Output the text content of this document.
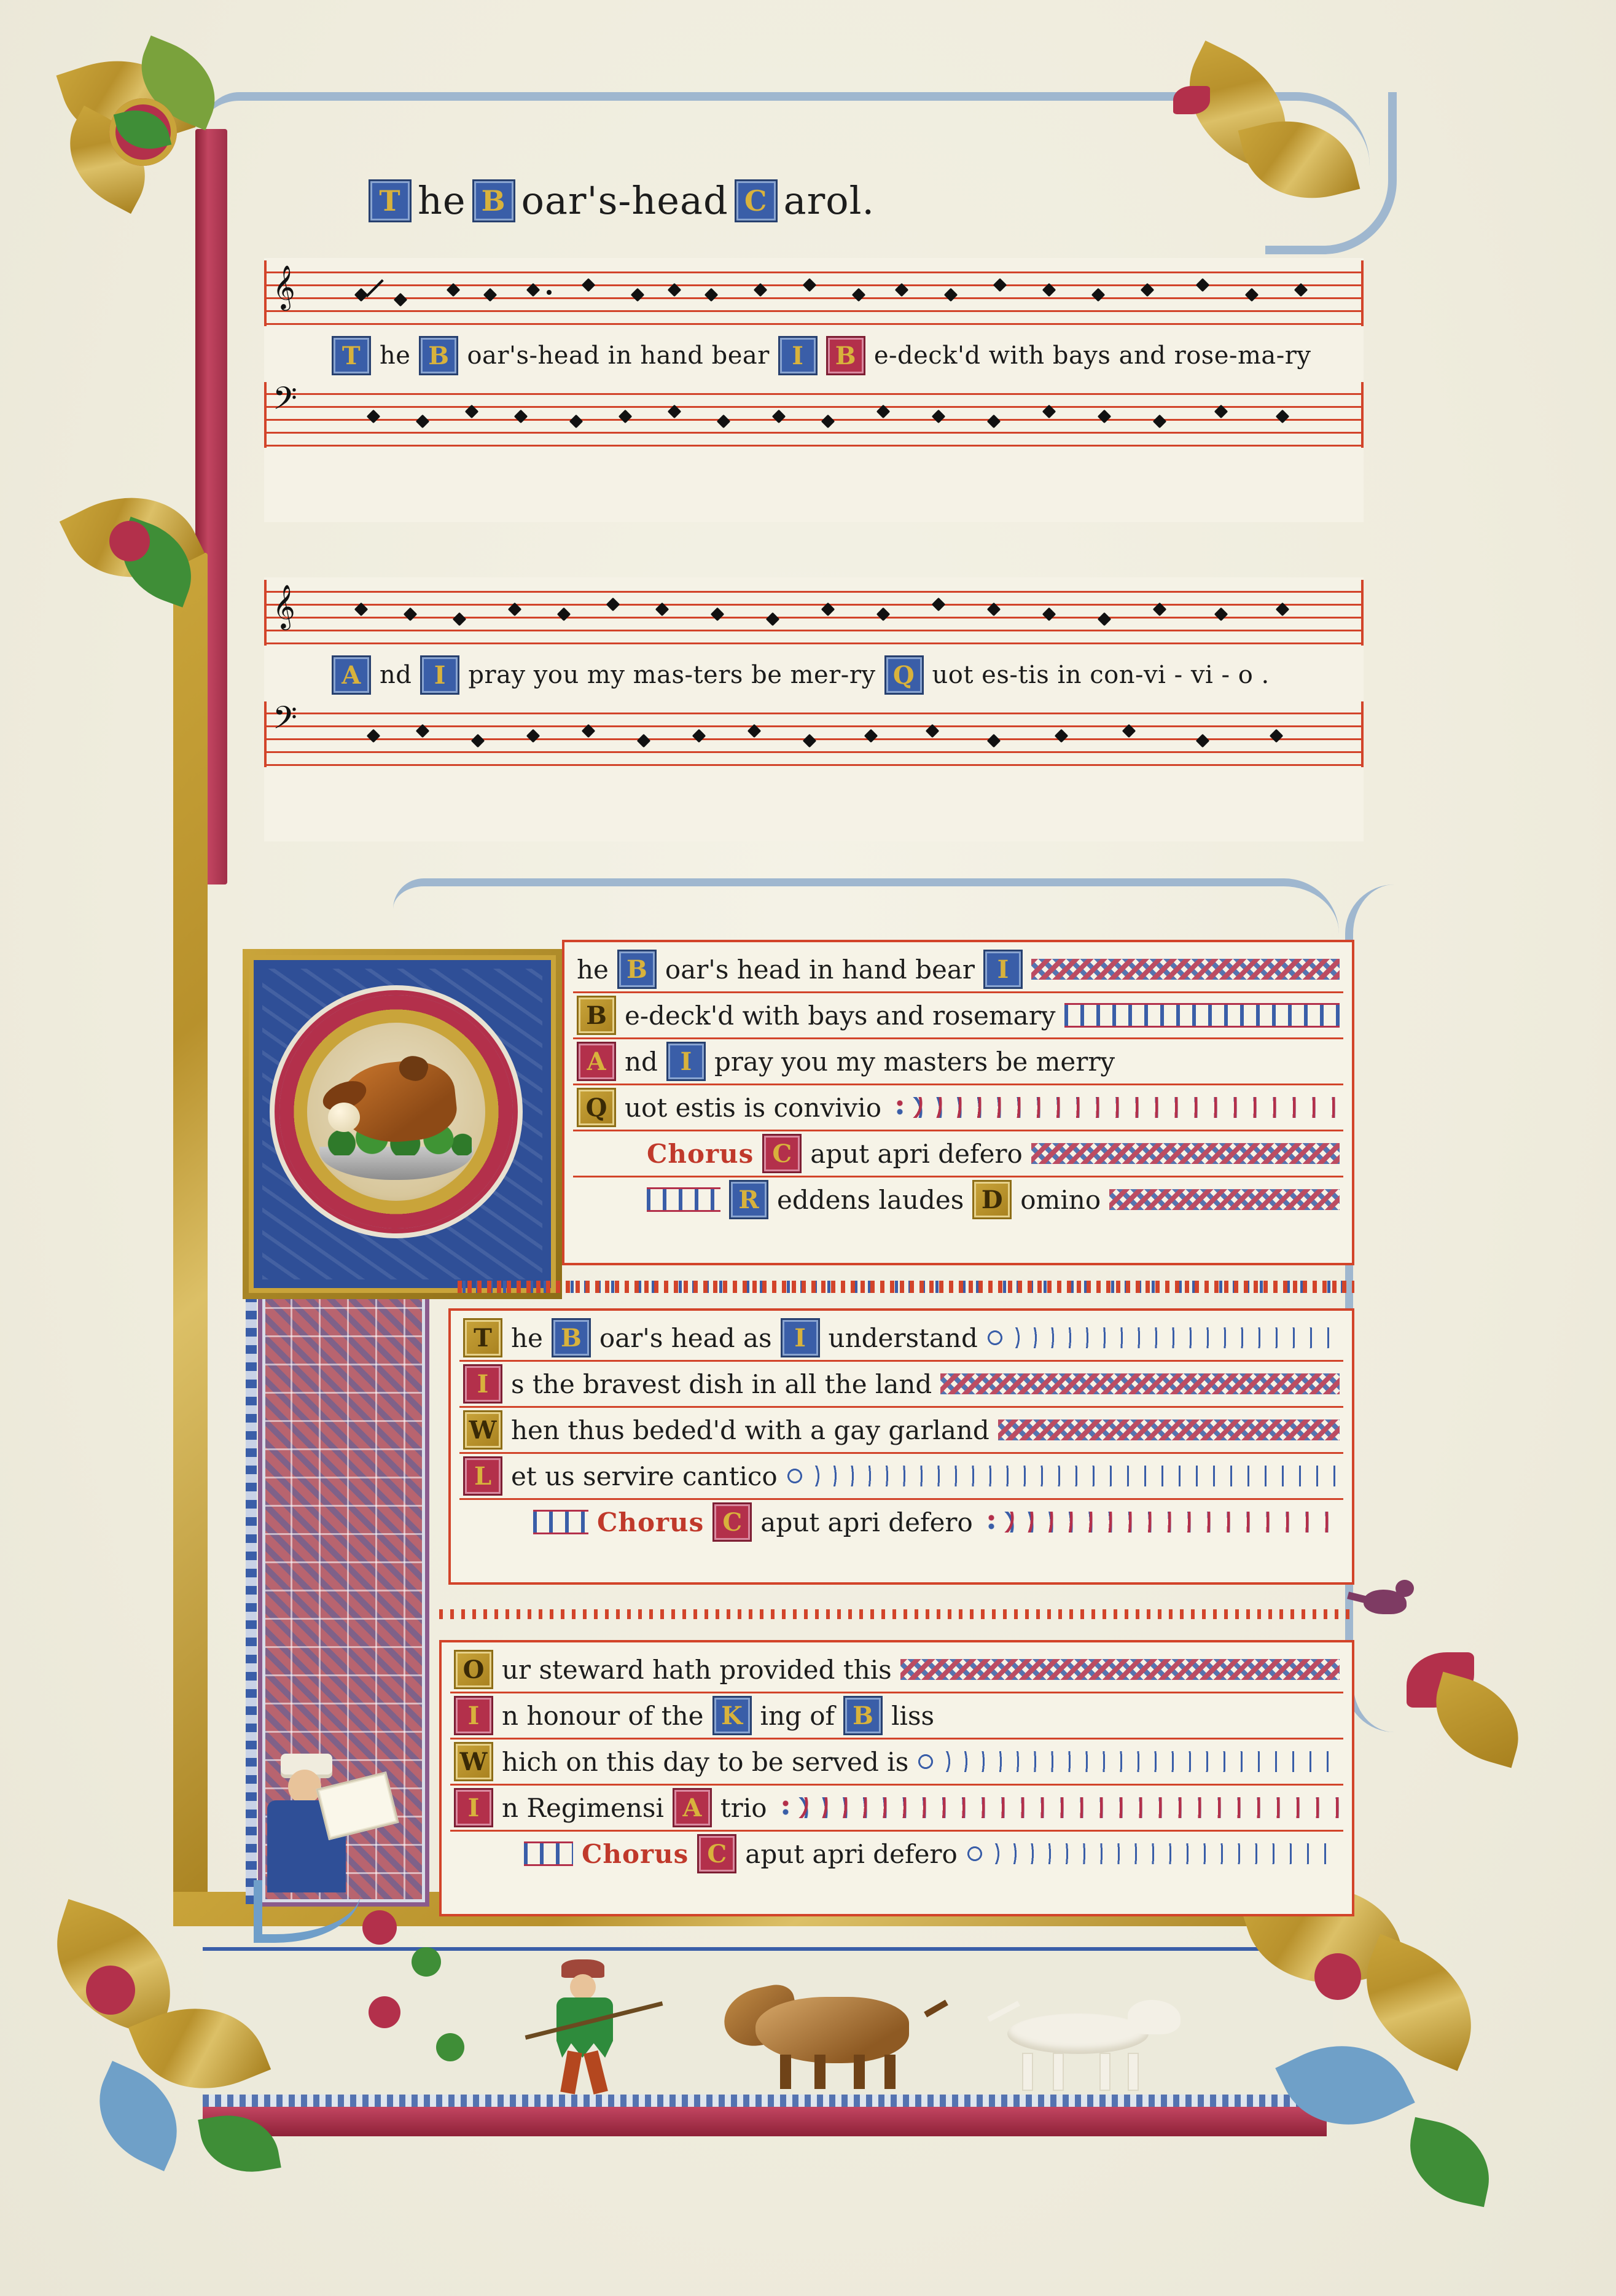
T he B oar's-head C arol.
𝄞
T he B oar's-head in hand bear I	B e-deck'd with bays and rose-ma-ry
𝄢
𝄞
A nd I pray you my mas-ters be mer-ry Q uot es-tis in con-vi - vi - o .
𝄢
he B oar's head in hand bear I
B e-deck'd with bays and rosemary
A nd I pray you my masters be merry
Q uot estis is convivio
Chorus C aput apri defero
R eddens laudes D omino
T he B oar's head as I understand
I s the bravest dish in all the land
W hen thus beded'd with a gay garland
L et us servire cantico
Chorus C aput apri defero
O ur steward hath provided this
I n honour of the K ing of B liss
W hich on this day to be served is
I n Regimensi A trio
Chorus C aput apri defero
